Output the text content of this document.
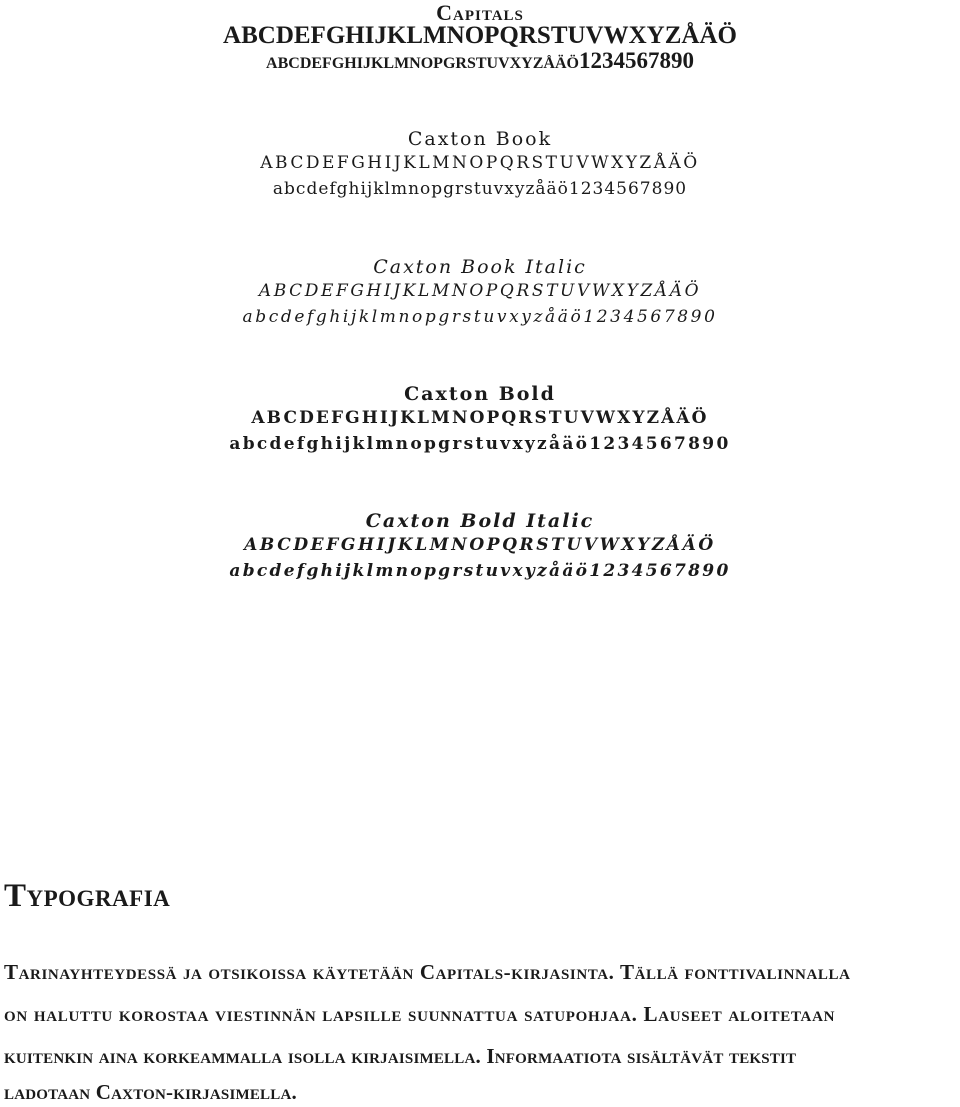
Capitals

ABCDEFGHIJKLMNOPQRSTUVWXYZÅÄÖ

abcdefghijklmnopgrstuvxyzåäö1234567890

Caxton Book

ABCDEFGHIJKLMNOPQRSTUVWXYZÅÄÖ

abcdefghijklmnopgrstuvxyzåäö1234567890

Caxton Book Italic

ABCDEFGHIJKLMNOPQRSTUVWXYZÅÄÖ

abcdefghijklmnopgrstuvxyzåäö1234567890

Caxton Bold

ABCDEFGHIJKLMNOPQRSTUVWXYZÅÄÖ

abcdefghijklmnopgrstuvxyzåäö1234567890

Caxton Bold Italic

ABCDEFGHIJKLMNOPQRSTUVWXYZÅÄÖ

abcdefghijklmnopgrstuvxyzåäö1234567890

Typografia

Tarinayhteydessä ja otsikoissa käytetään Capitals-kirjasinta. Tällä fonttivalinnalla

on haluttu korostaa viestinnän lapsille suunnattua satupohjaa. Lauseet aloitetaan

kuitenkin aina korkeammalla isolla kirjaisimella. Informaatiota sisältävät tekstit

ladotaan Caxton-kirjasimella.
